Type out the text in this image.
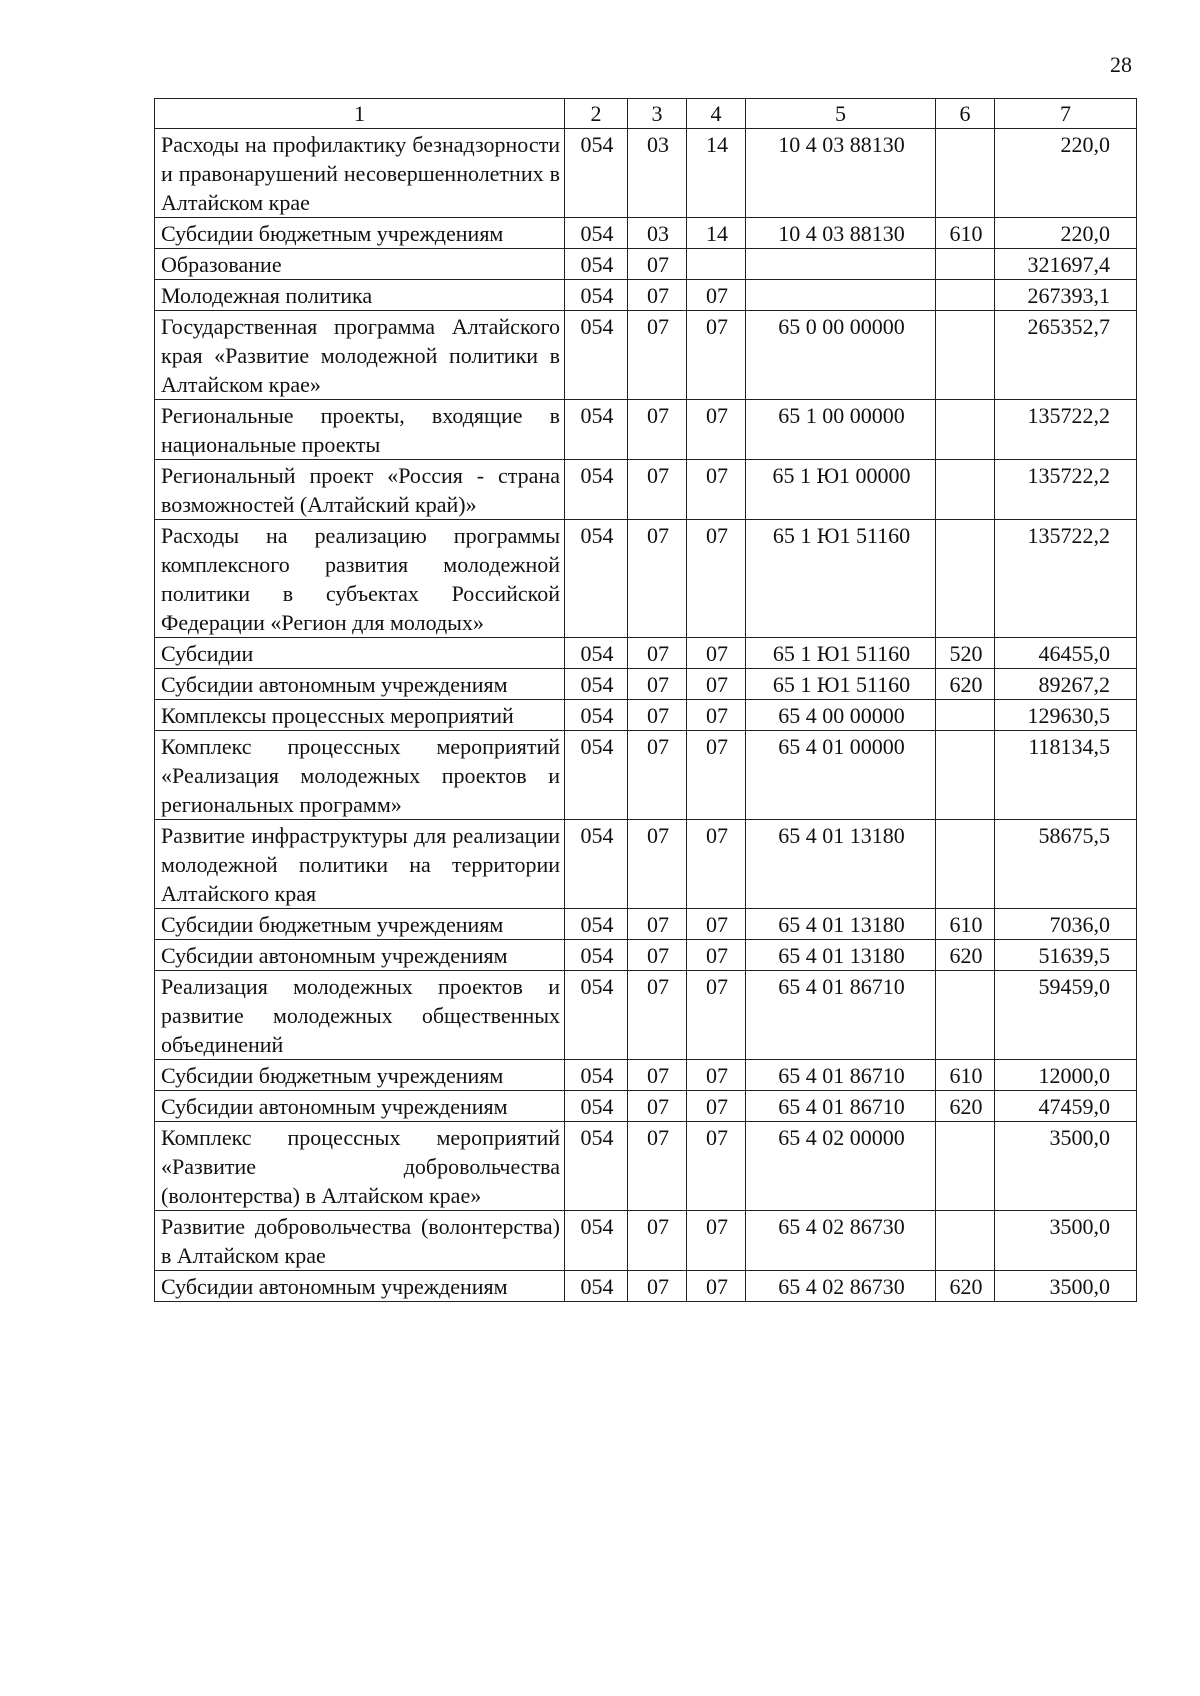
28
1	2	3	4	5	6	7
Расходы на профилактику безнадзорности и правонарушений несовершеннолетних в Алтайском крае	054	03	14	10 4 03 88130		220,0
Субсидии бюджетным учреждениям	054	03	14	10 4 03 88130	610	220,0
Образование	054	07				321697,4
Молодежная политика	054	07	07			267393,1
Государственная программа Алтайского края «Развитие молодежной политики в Алтайском крае»	054	07	07	65 0 00 00000		265352,7
Региональные проекты, входящие в национальные проекты	054	07	07	65 1 00 00000		135722,2
Региональный проект «Россия - страна возможностей (Алтайский край)»	054	07	07	65 1 Ю1 00000		135722,2
Расходы на реализацию программы комплексного развития молодежной политики в субъектах Российской Федерации «Регион для молодых»	054	07	07	65 1 Ю1 51160		135722,2
Субсидии	054	07	07	65 1 Ю1 51160	520	46455,0
Субсидии автономным учреждениям	054	07	07	65 1 Ю1 51160	620	89267,2
Комплексы процессных мероприятий	054	07	07	65 4 00 00000		129630,5
Комплекс процессных мероприятий «Реализация молодежных проектов и региональных программ»	054	07	07	65 4 01 00000		118134,5
Развитие инфраструктуры для реализации молодежной политики на территории Алтайского края	054	07	07	65 4 01 13180		58675,5
Субсидии бюджетным учреждениям	054	07	07	65 4 01 13180	610	7036,0
Субсидии автономным учреждениям	054	07	07	65 4 01 13180	620	51639,5
Реализация молодежных проектов и развитие молодежных общественных объединений	054	07	07	65 4 01 86710		59459,0
Субсидии бюджетным учреждениям	054	07	07	65 4 01 86710	610	12000,0
Субсидии автономным учреждениям	054	07	07	65 4 01 86710	620	47459,0
Комплекс процессных мероприятий «Развитие добровольчества (волонтерства) в Алтайском крае»	054	07	07	65 4 02 00000		3500,0
Развитие добровольчества (волонтерства) в Алтайском крае	054	07	07	65 4 02 86730		3500,0
Субсидии автономным учреждениям	054	07	07	65 4 02 86730	620	3500,0
